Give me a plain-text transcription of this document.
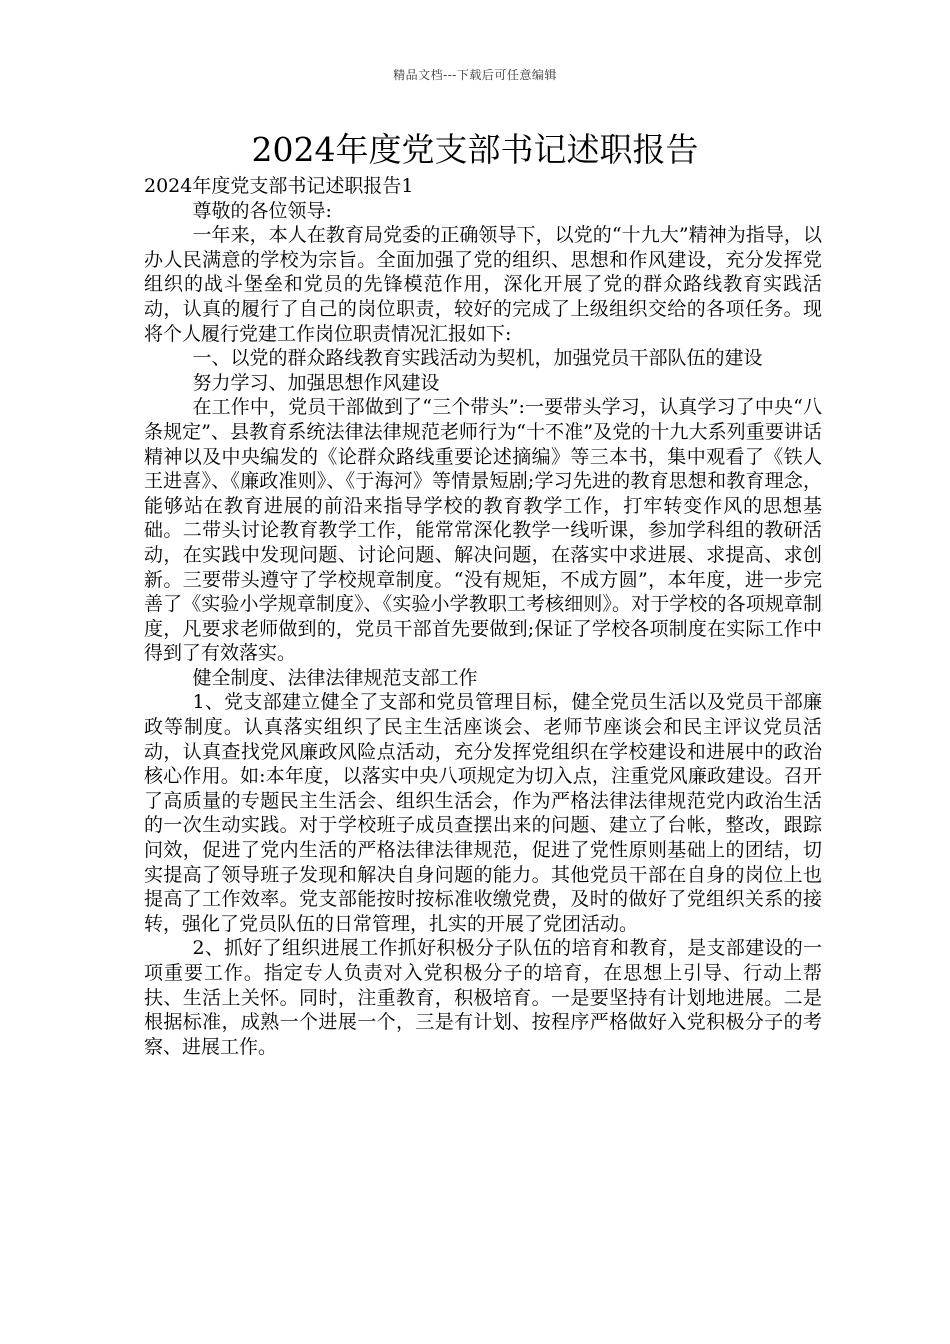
精品文档---下载后可任意编辑
2024年度党支部书记述职报告

2024年度党支部书记述职报告1

尊敬的各位领导:

一年来，本人在教育局党委的正确领导下，以党的“十九大”精神为指导，以办人民满意的学校为宗旨。全面加强了党的组织、思想和作风建设，充分发挥党组织的战斗堡垒和党员的先锋模范作用，深化开展了党的群众路线教育实践活动，认真的履行了自己的岗位职责，较好的完成了上级组织交给的各项任务。现将个人履行党建工作岗位职责情况汇报如下:

一、以党的群众路线教育实践活动为契机，加强党员干部队伍的建设

努力学习、加强思想作风建设

在工作中，党员干部做到了“三个带头”:一要带头学习，认真学习了中央“八条规定”、县教育系统法律法律规范老师行为“十不准”及党的十九大系列重要讲话精神以及中央编发的《论群众路线重要论述摘编》等三本书，集中观看了《铁人王进喜》、《廉政准则》、《于海河》等情景短剧;学习先进的教育思想和教育理念，能够站在教育进展的前沿来指导学校的教育教学工作，打牢转变作风的思想基础。二带头讨论教育教学工作，能常常深化教学一线听课，参加学科组的教研活动，在实践中发现问题、讨论问题、解决问题，在落实中求进展、求提高、求创新。三要带头遵守了学校规章制度。“没有规矩，不成方圆”，本年度，进一步完善了《实验小学规章制度》、《实验小学教职工考核细则》。对于学校的各项规章制度，凡要求老师做到的，党员干部首先要做到;保证了学校各项制度在实际工作中得到了有效落实。

健全制度、法律法律规范支部工作

1、党支部建立健全了支部和党员管理目标，健全党员生活以及党员干部廉政等制度。认真落实组织了民主生活座谈会、老师节座谈会和民主评议党员活动，认真查找党风廉政风险点活动，充分发挥党组织在学校建设和进展中的政治核心作用。如:本年度，以落实中央八项规定为切入点，注重党风廉政建设。召开了高质量的专题民主生活会、组织生活会，作为严格法律法律规范党内政治生活的一次生动实践。对于学校班子成员查摆出来的问题、建立了台帐，整改，跟踪问效，促进了党内生活的严格法律法律规范，促进了党性原则基础上的团结，切实提高了领导班子发现和解决自身问题的能力。其他党员干部在自身的岗位上也提高了工作效率。党支部能按时按标准收缴党费，及时的做好了党组织关系的接转，强化了党员队伍的日常管理，扎实的开展了党团活动。

2、抓好了组织进展工作抓好积极分子队伍的培育和教育，是支部建设的一项重要工作。指定专人负责对入党积极分子的培育，在思想上引导、行动上帮扶、生活上关怀。同时，注重教育，积极培育。一是要坚持有计划地进展。二是根据标准，成熟一个进展一个，三是有计划、按程序严格做好入党积极分子的考察、进展工作。
